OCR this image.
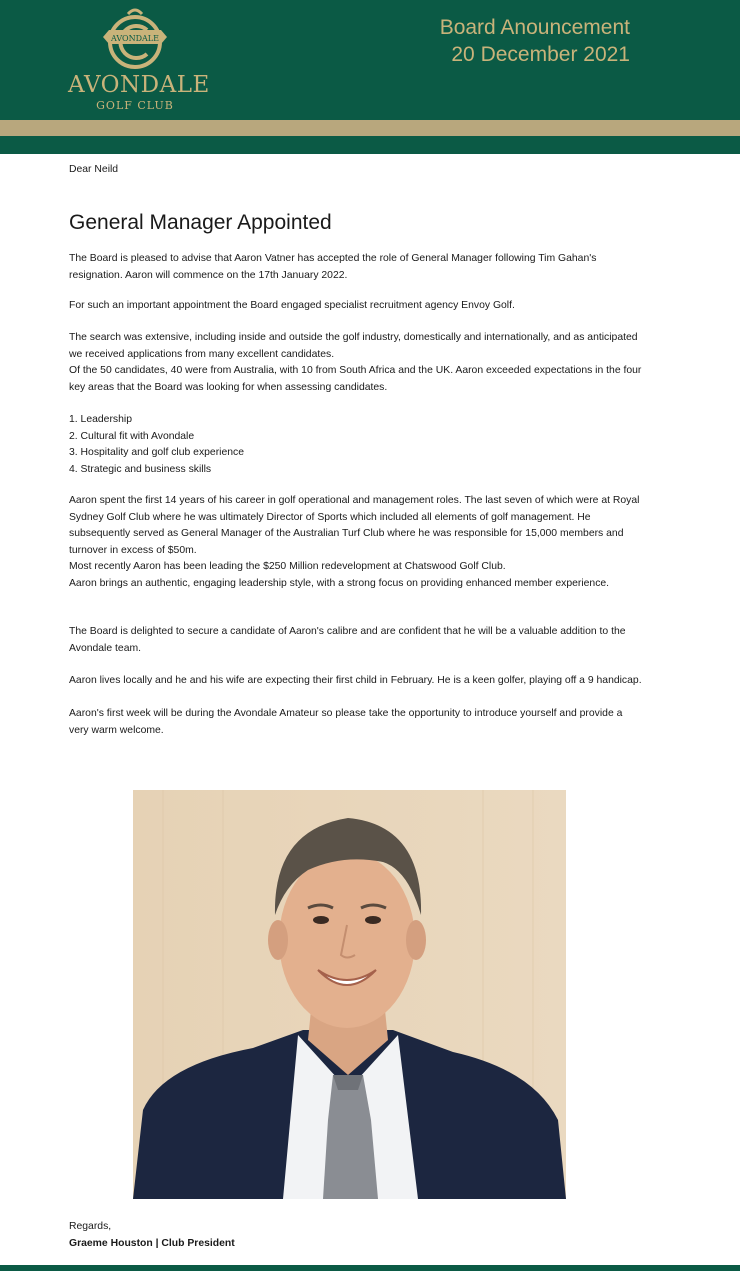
AVONDALE
AVONDALE
GOLF CLUB
Board Anouncement
20 December 2021
Dear Neild
General Manager Appointed

The Board is pleased to advise that Aaron Vatner has accepted the role of General Manager following Tim Gahan's resignation. Aaron will commence on the 17th January 2022.

For such an important appointment the Board engaged specialist recruitment agency Envoy Golf.

The search was extensive, including inside and outside the golf industry, domestically and internationally, and as anticipated we received applications from many excellent candidates.

Of the 50 candidates, 40 were from Australia, with 10 from South Africa and the UK. Aaron exceeded expectations in the four key areas that the Board was looking for when assessing candidates.

1. Leadership
2. Cultural fit with Avondale
3. Hospitality and golf club experience
4. Strategic and business skills

Aaron spent the first 14 years of his career in golf operational and management roles. The last seven of which were at Royal Sydney Golf Club where he was ultimately Director of Sports which included all elements of golf management. He subsequently served as General Manager of the Australian Turf Club where he was responsible for 15,000 members and turnover in excess of $50m.

Most recently Aaron has been leading the $250 Million redevelopment at Chatswood Golf Club.

Aaron brings an authentic, engaging leadership style, with a strong focus on providing enhanced member experience.

The Board is delighted to secure a candidate of Aaron's calibre and are confident that he will be a valuable addition to the Avondale team.

Aaron lives locally and he and his wife are expecting their first child in February. He is a keen golfer, playing off a 9 handicap.

Aaron's first week will be during the Avondale Amateur so please take the opportunity to introduce yourself and provide a very warm welcome.

Regards,
Graeme Houston | Club President
